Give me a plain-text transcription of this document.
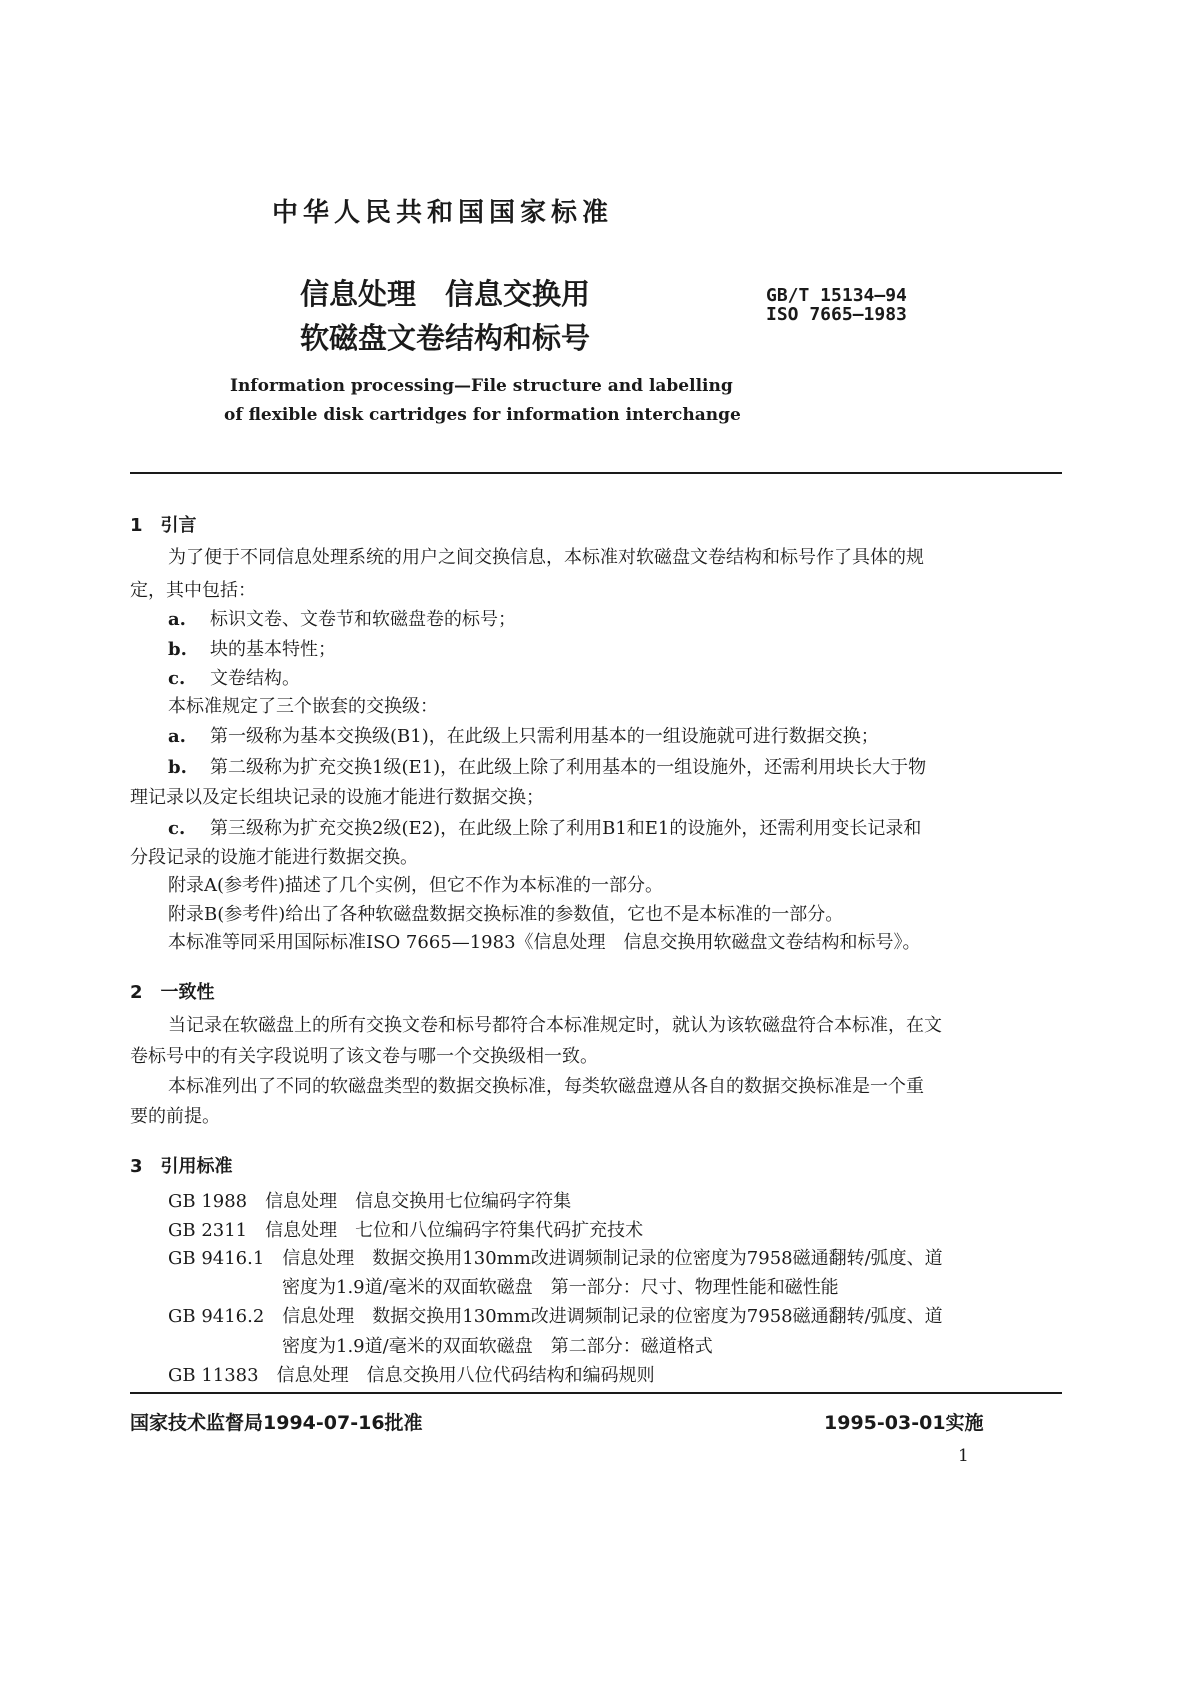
中华人民共和国国家标准
信息处理　信息交换用
软磁盘文卷结构和标号
GB/T 15134—94
ISO 7665—1983
Information processing—File structure and labelling
of flexible disk cartridges for information interchange
1　引言
为了便于不同信息处理系统的用户之间交换信息，本标准对软磁盘文卷结构和标号作了具体的规
定，其中包括：
a. 标识文卷、文卷节和软磁盘卷的标号；
b. 块的基本特性；
c. 文卷结构。
本标准规定了三个嵌套的交换级：
a. 第一级称为基本交换级(B1)，在此级上只需利用基本的一组设施就可进行数据交换；
b. 第二级称为扩充交换1级(E1)，在此级上除了利用基本的一组设施外，还需利用块长大于物
理记录以及定长组块记录的设施才能进行数据交换；
c. 第三级称为扩充交换2级(E2)，在此级上除了利用B1和E1的设施外，还需利用变长记录和
分段记录的设施才能进行数据交换。
附录A(参考件)描述了几个实例，但它不作为本标准的一部分。
附录B(参考件)给出了各种软磁盘数据交换标准的参数值，它也不是本标准的一部分。
本标准等同采用国际标准ISO 7665—1983《信息处理　信息交换用软磁盘文卷结构和标号》。
2　一致性
当记录在软磁盘上的所有交换文卷和标号都符合本标准规定时，就认为该软磁盘符合本标准，在文
卷标号中的有关字段说明了该文卷与哪一个交换级相一致。
本标准列出了不同的软磁盘类型的数据交换标准，每类软磁盘遵从各自的数据交换标准是一个重
要的前提。
3　引用标准
GB 1988　信息处理　信息交换用七位编码字符集
GB 2311　信息处理　七位和八位编码字符集代码扩充技术
GB 9416.1　信息处理　数据交换用130mm改进调频制记录的位密度为7958磁通翻转/弧度、道
密度为1.9道/毫米的双面软磁盘　第一部分：尺寸、物理性能和磁性能
GB 9416.2　信息处理　数据交换用130mm改进调频制记录的位密度为7958磁通翻转/弧度、道
密度为1.9道/毫米的双面软磁盘　第二部分：磁道格式
GB 11383　信息处理　信息交换用八位代码结构和编码规则
国家技术监督局1994-07-16批准	1995-03-01实施
1
